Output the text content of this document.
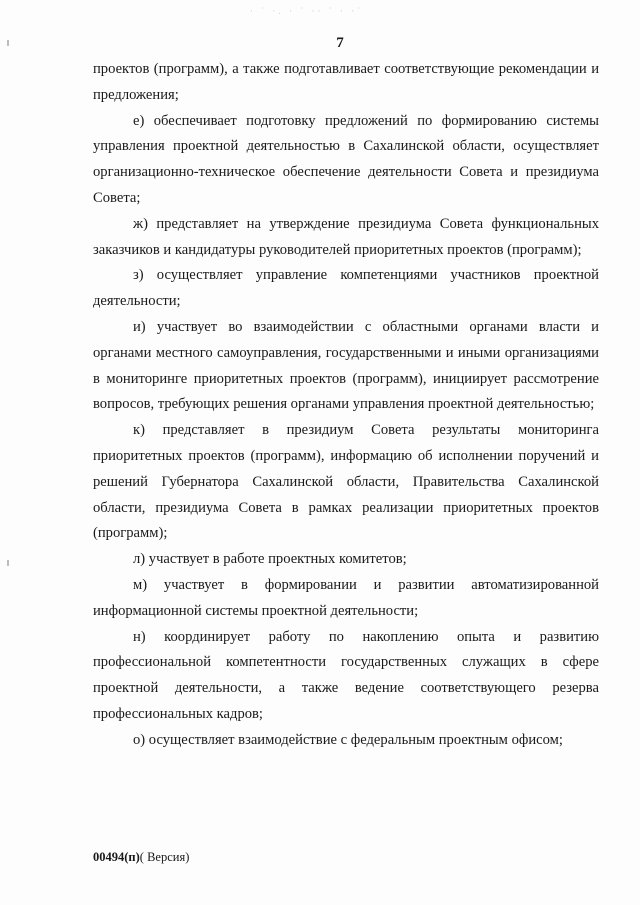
· ˙ ·. · ˙ ·· ˙ · ·˙
7

проектов (программ), а также подготавливает соответствующие рекомендации и предложения;

е) обеспечивает подготовку предложений по формированию системы управления проектной деятельностью в Сахалинской области, осуществляет организационно-техническое обеспечение деятельности Совета и президиума Совета;

ж) представляет на утверждение президиума Совета функциональных заказчиков и кандидатуры руководителей приоритетных проектов (программ);

з) осуществляет управление компетенциями участников проектной деятельности;

и) участвует во взаимодействии с областными органами власти и органами местного самоуправления, государственными и иными организациями в мониторинге приоритетных проектов (программ), инициирует рассмотрение вопросов, требующих решения органами управления проектной деятельностью;

к) представляет в президиум Совета результаты мониторинга приоритетных проектов (программ), информацию об исполнении поручений и решений Губернатора Сахалинской области, Правительства Сахалинской области, президиума Совета в рамках реализации приоритетных проектов (программ);

л) участвует в работе проектных комитетов;

м) участвует в формировании и развитии автоматизированной информационной системы проектной деятельности;

н) координирует работу по накоплению опыта и развитию профессиональной компетентности государственных служащих в сфере проектной деятельности, а также ведение соответствующего резерва профессиональных кадров;

о) осуществляет взаимодействие с федеральным проектным офисом;

00494(п)( Версия)
